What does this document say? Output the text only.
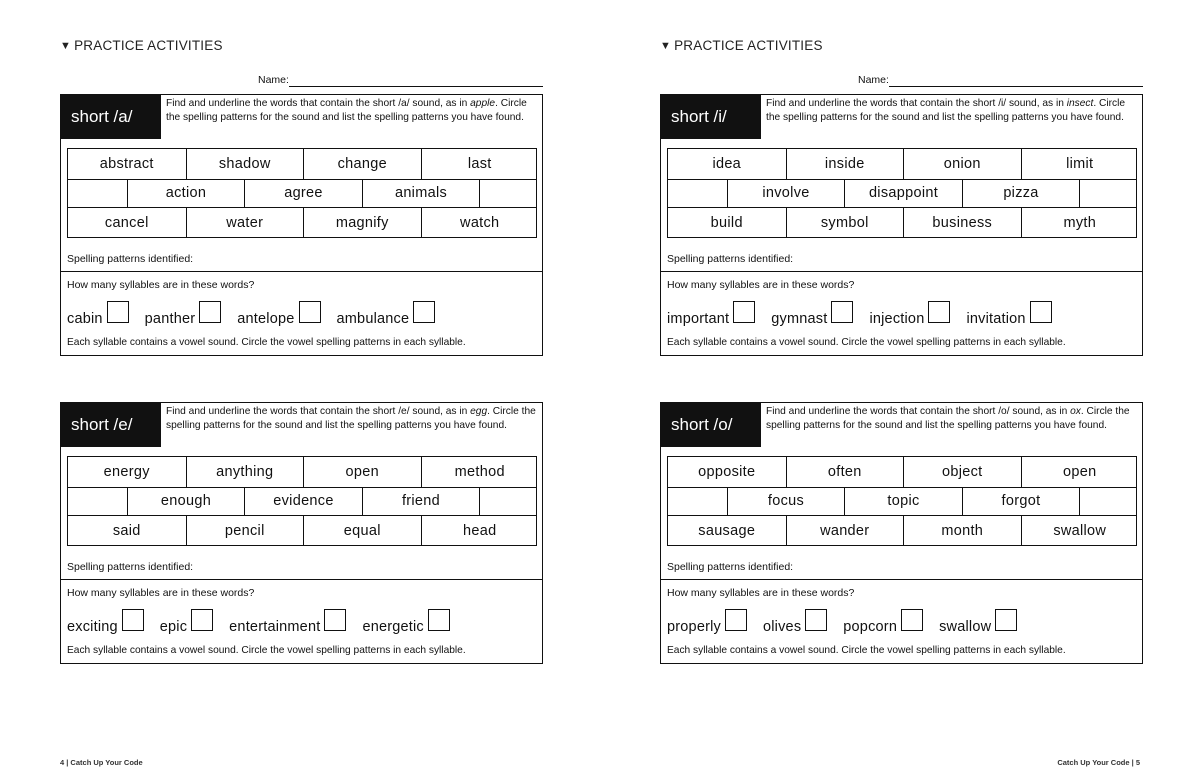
▼ PRACTICE ACTIVITIES
Name:
short /a/
Find and underline the words that contain the short /a/ sound, as in apple. Circle the spelling patterns for the sound and list the spelling patterns you have found.
abstract	shadow	change	last
action	agree	animals
cancel	water	magnify	watch
Spelling patterns identified:
How many syllables are in these words?
cabin	panther	antelope	ambulance
Each syllable contains a vowel sound. Circle the vowel spelling patterns in each syllable.
short /e/
Find and underline the words that contain the short /e/ sound, as in egg. Circle the spelling patterns for the sound and list the spelling patterns you have found.
energy	anything	open	method
enough	evidence	friend
said	pencil	equal	head
Spelling patterns identified:
How many syllables are in these words?
exciting	epic	entertainment	energetic
Each syllable contains a vowel sound. Circle the vowel spelling patterns in each syllable.
4 | Catch Up Your Code
▼ PRACTICE ACTIVITIES
Name:
short /i/
Find and underline the words that contain the short /i/ sound, as in insect. Circle the spelling patterns for the sound and list the spelling patterns you have found.
idea	inside	onion	limit
involve	disappoint	pizza
build	symbol	business	myth
Spelling patterns identified:
How many syllables are in these words?
important	gymnast	injection	invitation
Each syllable contains a vowel sound. Circle the vowel spelling patterns in each syllable.
short /o/
Find and underline the words that contain the short /o/ sound, as in ox. Circle the spelling patterns for the sound and list the spelling patterns you have found.
opposite	often	object	open
focus	topic	forgot
sausage	wander	month	swallow
Spelling patterns identified:
How many syllables are in these words?
properly	olives	popcorn	swallow
Each syllable contains a vowel sound. Circle the vowel spelling patterns in each syllable.
Catch Up Your Code | 5
